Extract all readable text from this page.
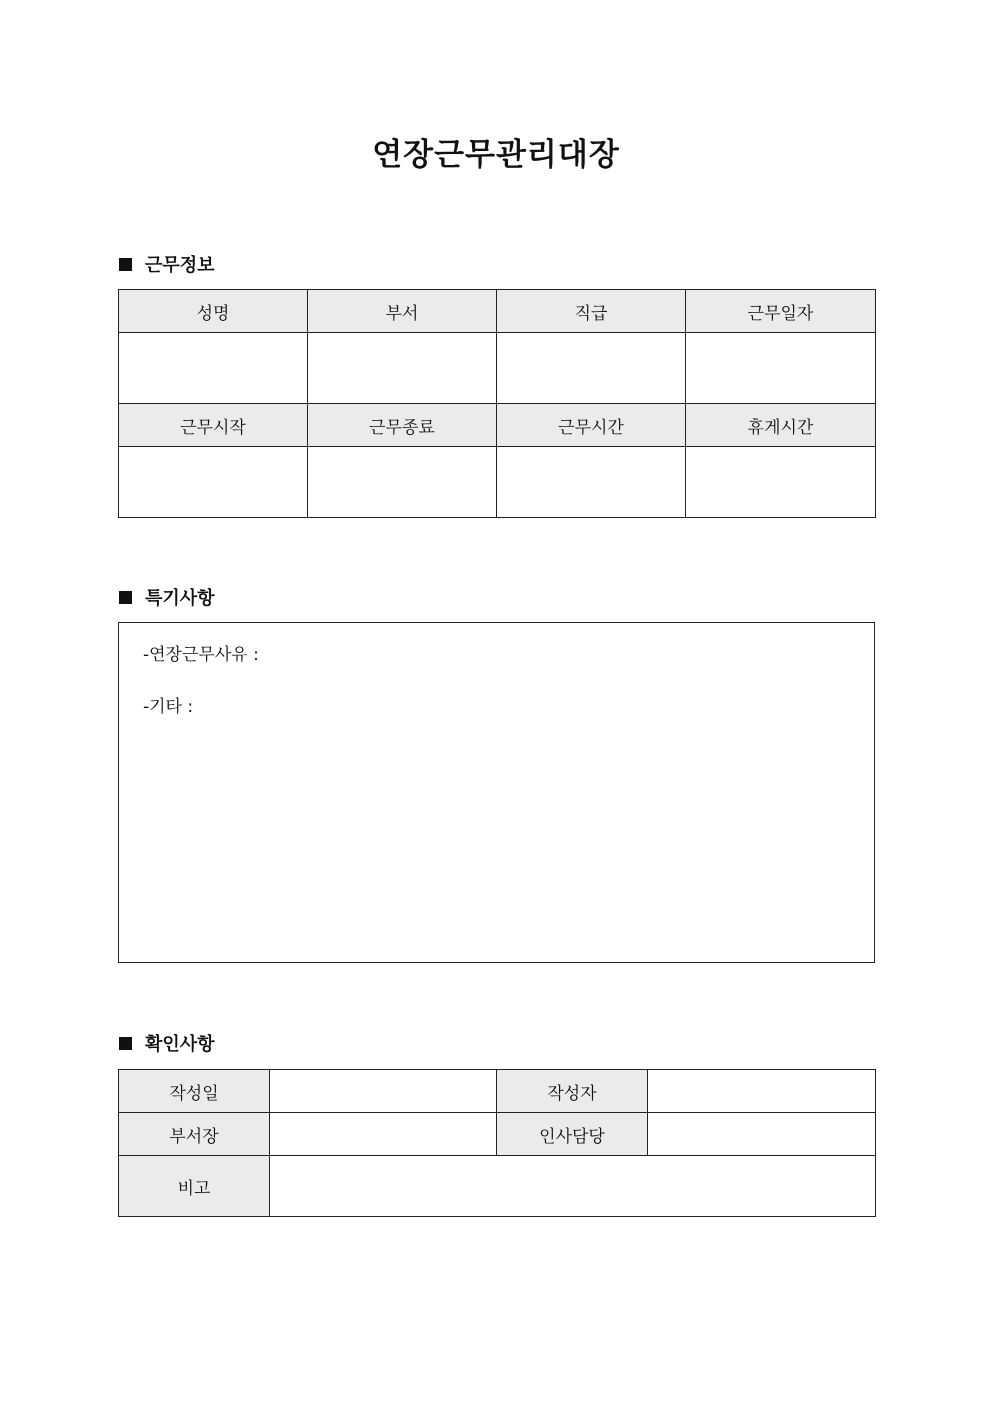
연장근무관리대장
근무정보
성명	부서	직급	근무일자

근무시작	근무종료	근무시간	휴게시간

특기사항
-연장근무사유 :
-기타 :
확인사항
작성일		작성자	
부서장		인사담당	
비고			
